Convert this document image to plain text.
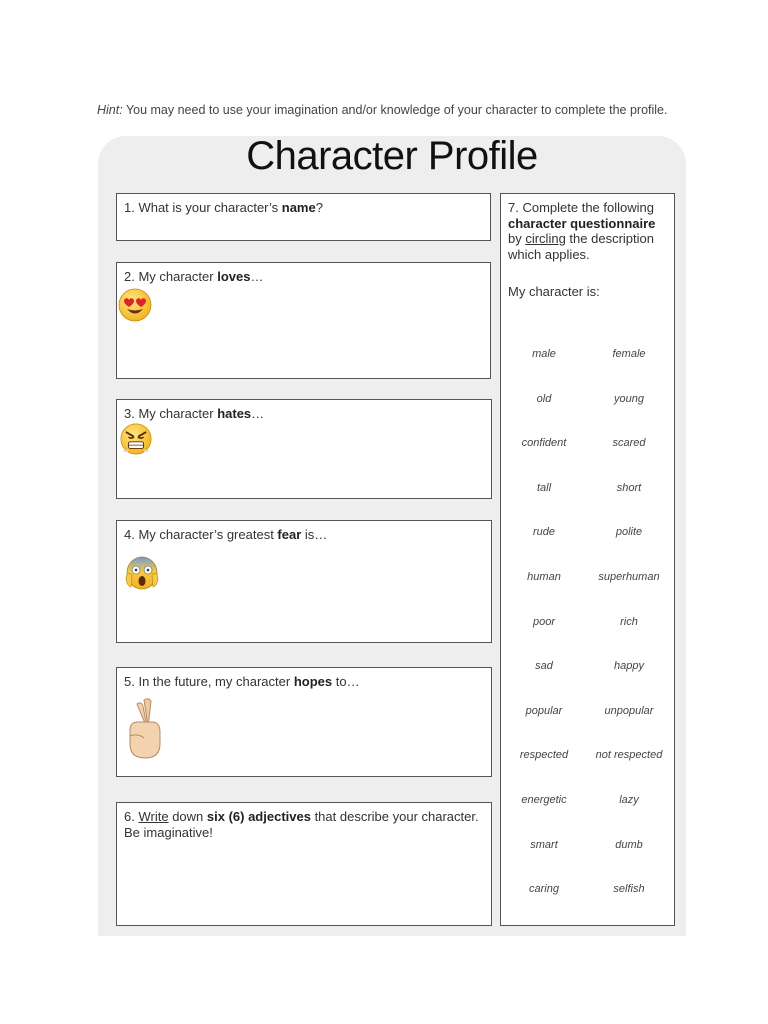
Hint: You may need to use your imagination and/or knowledge of your character to complete the profile.
Character Profile
1. What is your character’s name?
2. My character loves…
3. My character hates…
4. My character’s greatest fear is…
5. In the future, my character hopes to…
6. Write down six (6) adjectives that describe your character. Be imaginative!
7. Complete the following character questionnaire by circling the description which applies.
My character is:
male	female
old	young
confident	scared
tall	short
rude	polite
human	superhuman
poor	rich
sad	happy
popular	unpopular
respected	not respected
energetic	lazy
smart	dumb
caring	selfish
